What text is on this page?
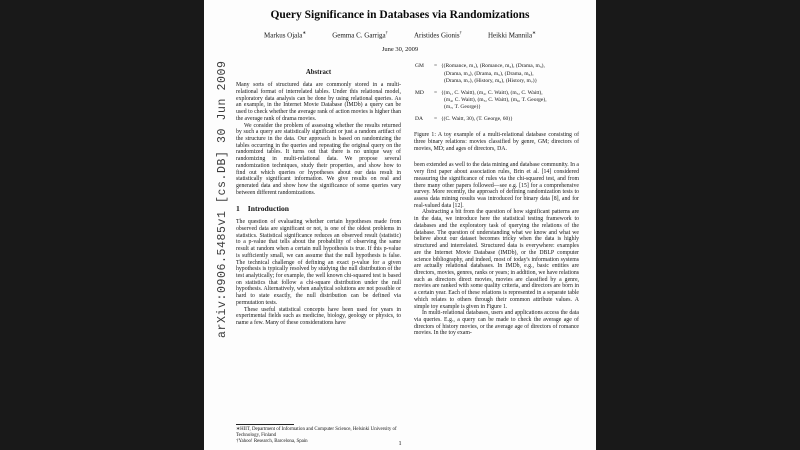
arXiv:0906.5485v1 [cs.DB] 30 Jun 2009
Query Significance in Databases via Randomizations
Markus Ojala∗	Gemma C. Garriga†	Aristides Gionis†	Heikki Mannila∗
June 30, 2009
Abstract

Many sorts of structured data are commonly stored in a multi-relational format of interrelated tables. Under this relational model, exploratory data analysis can be done by using relational queries. As an example, in the Internet Movie Database (IMDb) a query can be used to check whether the average rank of action movies is higher than the average rank of drama movies.

We consider the problem of assessing whether the results returned by such a query are statistically significant or just a random artifact of the structure in the data. Our approach is based on randomizing the tables occurring in the queries and repeating the original query on the randomized tables. It turns out that there is no unique way of randomizing in multi-relational data. We propose several randomization techniques, study their properties, and show how to find out which queries or hypotheses about our data result in statistically significant information. We give results on real and generated data and show how the significance of some queries vary between different randomizations.

1 Introduction

The question of evaluating whether certain hypotheses made from observed data are significant or not, is one of the oldest problems in statistics. Statistical significance reduces an observed result (statistic) to a p-value that tells about the probability of observing the same result at random when a certain null hypothesis is true. If this p-value is sufficiently small, we can assume that the null hypothesis is false. The technical challenge of defining an exact p-value for a given hypothesis is typically resolved by studying the null distribution of the test analytically; for example, the well known chi-squared test is based on statistics that follow a chi-square distribution under the null hypothesis. Alternatively, when analytical solutions are not possible or hard to state exactly, the null distribution can be defined via permutation tests.

These useful statistical concepts have been used for years in experimental fields such as medicine, biology, geology or physics, to name a few. Many of these considerations have

∗HIIT, Department of Information and Computer Science, Helsinki University of Technology, Finland
†Yahoo! Research, Barcelona, Spain
GM	= {(Romance, m₁), (Romance, m₂), (Drama, m₃),
(Drama, m₄), (Drama, m₅), (Drama, m₆),
(Drama, m₇), (History, m₆), (History, m₇)}
MD	= {(m₁, C. Waitt), (m₂, C. Waitt), (m₃, C. Waitt),
(m₄, C. Waitt), (m₅, C. Waitt), (m₆, T. George),
(m₇, T. George)}
DA	= {(C. Waitt, 30), (T. George, 60)}

Figure 1: A toy example of a multi-relational database consisting of three binary relations: movies classified by genre, GM; directors of movies, MD; and ages of directors, DA.

been extended as well to the data mining and database community. In a very first paper about association rules, Brin et al. [14] considered measuring the significance of rules via the chi-squared test, and from there many other papers followed—see e.g. [15] for a comprehensive survey. More recently, the approach of defining randomization tests to assess data mining results was introduced for binary data [8], and for real-valued data [12].

Abstracting a bit from the question of how significant patterns are in the data, we introduce here the statistical testing framework to databases and the exploratory task of querying the relations of the database. The question of understanding what we know and what we believe about our dataset becomes tricky when the data is highly structured and interrelated. Structured data is everywhere: examples are the Internet Movie Database (IMDb), or the DBLP computer science bibliography, and indeed, most of today's information systems are actually relational databases. In IMDb, e.g., basic entities are directors, movies, genres, ranks or years; in addition, we have relations such as directors direct movies, movies are classified by a genre, movies are ranked with some quality criteria, and directors are born in a certain year. Each of these relations is represented in a separate table which relates to others through their common attribute values. A simple toy example is given in Figure 1.

In multi-relational databases, users and applications access the data via queries. E.g., a query can be made to check the average age of directors of history movies, or the average age of directors of romance movies. In the toy exam-

1
